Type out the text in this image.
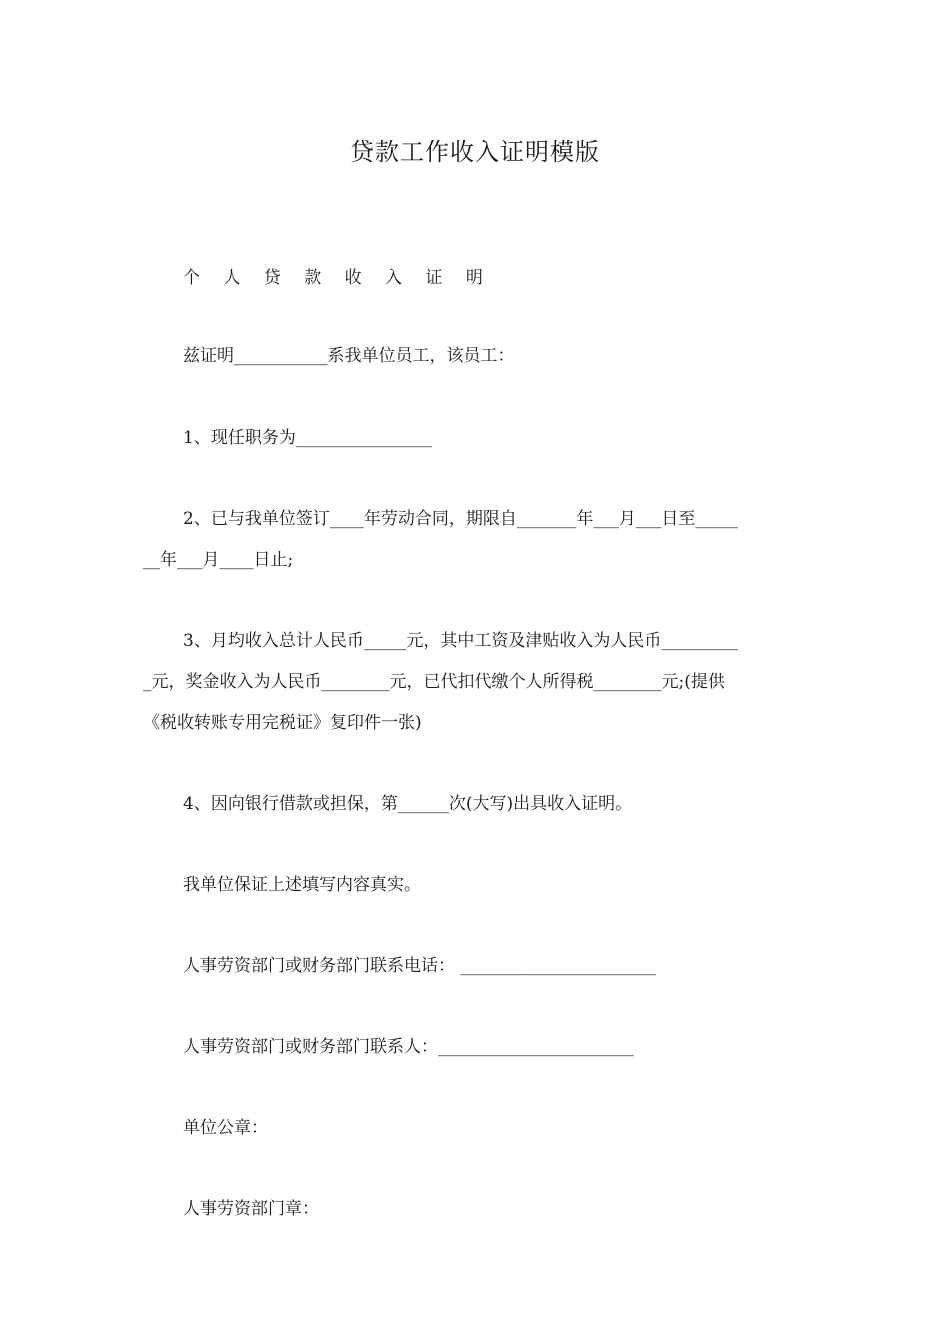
贷款工作收入证明模版
个 人 贷 款 收 入 证 明
兹证明___________系我单位员工，该员工：
1、现任职务为________________
2、已与我单位签订____年劳动合同，期限自_______年___月___日至_____
__年___月____日止;
3、月均收入总计人民币_____元，其中工资及津贴收入为人民币_________
_元，奖金收入为人民币________元，已代扣代缴个人所得税________元;(提供
《税收转账专用完税证》复印件一张)
4、因向银行借款或担保，第______次(大写)出具收入证明。
我单位保证上述填写内容真实。
人事劳资部门或财务部门联系电话： _______________________
人事劳资部门或财务部门联系人：_______________________
单位公章：
人事劳资部门章：
